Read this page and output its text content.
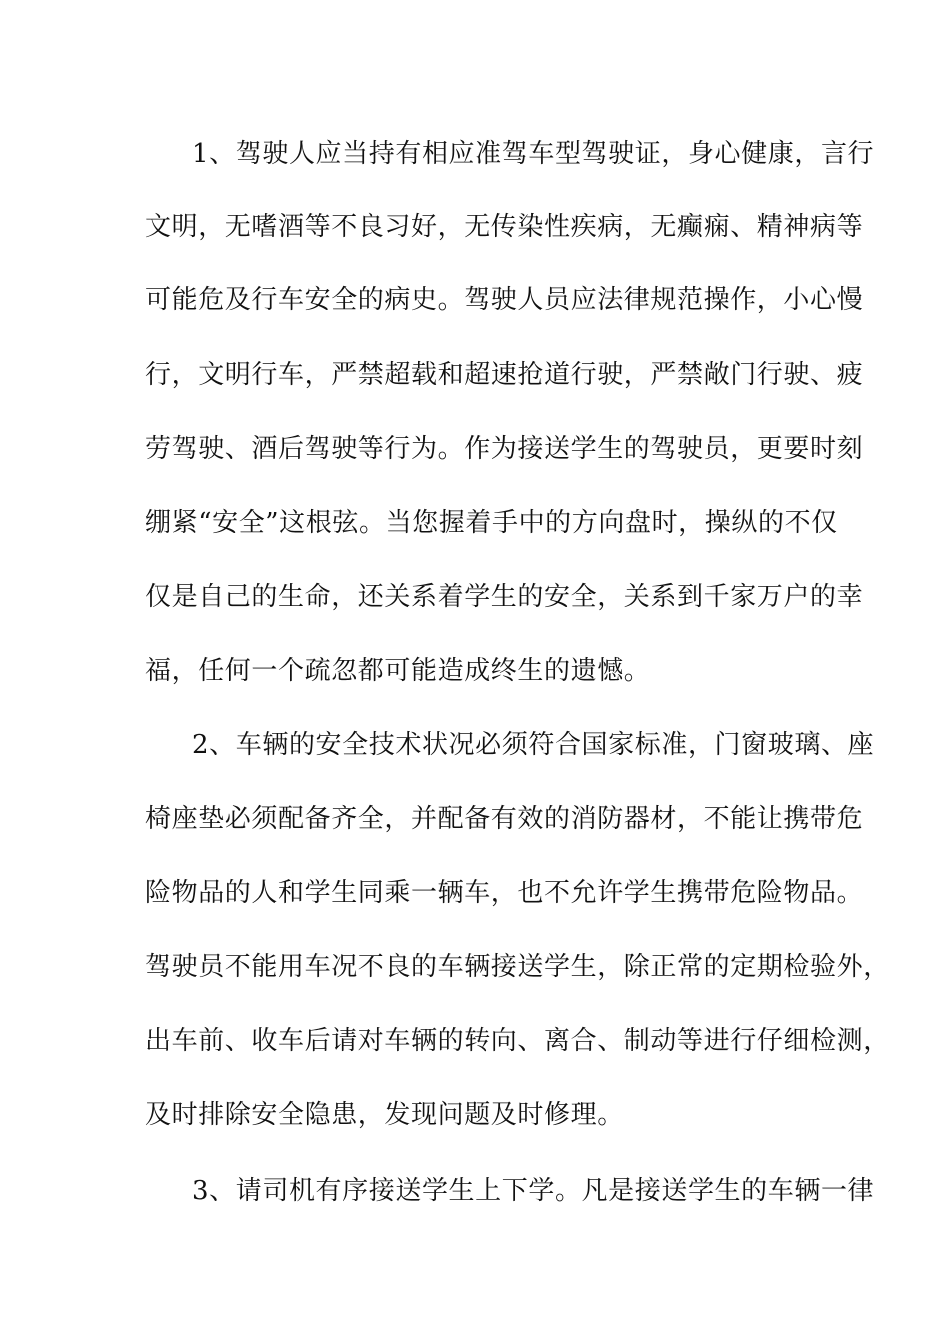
1、驾驶人应当持有相应准驾车型驾驶证，身心健康，言行
文明，无嗜酒等不良习好，无传染性疾病，无癫痫、精神病等
可能危及行车安全的病史。驾驶人员应法律规范操作，小心慢
行，文明行车，严禁超载和超速抢道行驶，严禁敞门行驶、疲
劳驾驶、酒后驾驶等行为。作为接送学生的驾驶员，更要时刻
绷紧“安全”这根弦。当您握着手中的方向盘时，操纵的不仅
仅是自己的生命，还关系着学生的安全，关系到千家万户的幸
福，任何一个疏忽都可能造成终生的遗憾。
2、车辆的安全技术状况必须符合国家标准，门窗玻璃、座
椅座垫必须配备齐全，并配备有效的消防器材，不能让携带危
险物品的人和学生同乘一辆车，也不允许学生携带危险物品。
驾驶员不能用车况不良的车辆接送学生，除正常的定期检验外，
出车前、收车后请对车辆的转向、离合、制动等进行仔细检测，
及时排除安全隐患，发现问题及时修理。
3、请司机有序接送学生上下学。凡是接送学生的车辆一律
